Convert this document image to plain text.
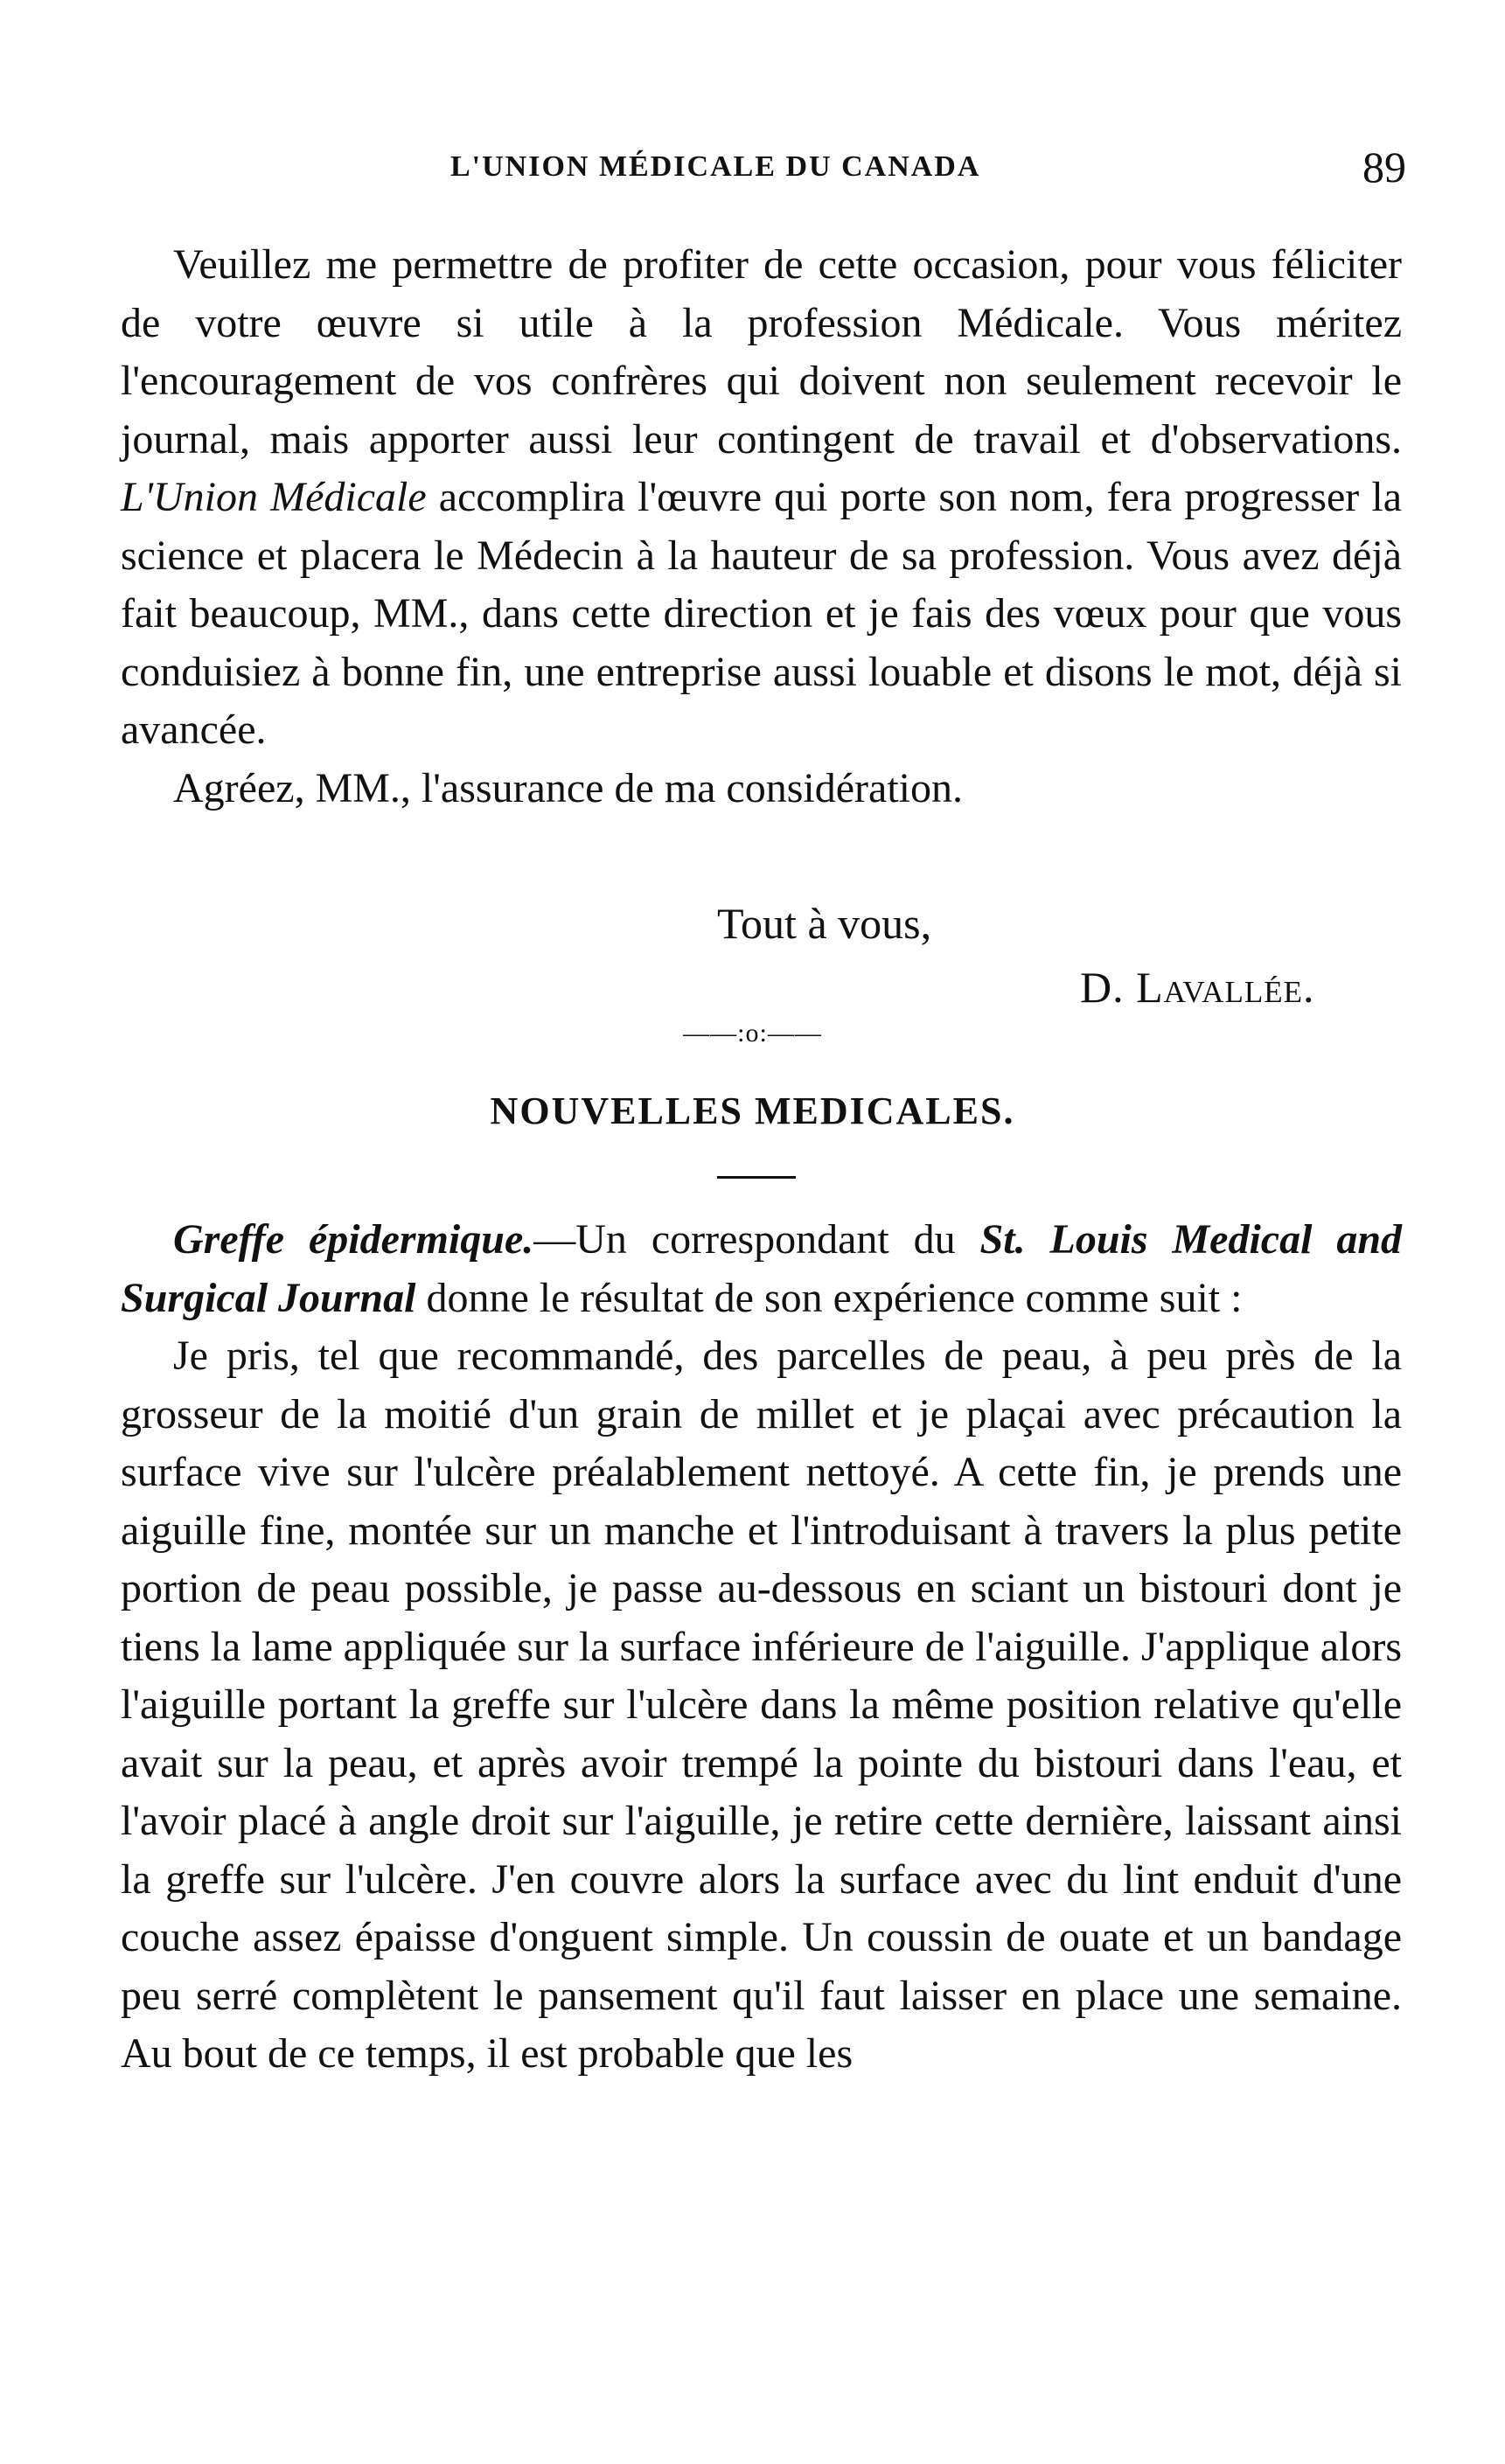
L'UNION MÉDICALE DU CANADA	89

Veuillez me permettre de profiter de cette occasion, pour vous féliciter de votre œuvre si utile à la profession Médicale. Vous méritez l'encouragement de vos confrères qui doivent non seulement recevoir le journal, mais apporter aussi leur contingent de travail et d'observations. L'Union Médicale accomplira l'œuvre qui porte son nom, fera progresser la science et placera le Médecin à la hauteur de sa profession. Vous avez déjà fait beaucoup, MM., dans cette direction et je fais des vœux pour que vous conduisiez à bonne fin, une entreprise aussi louable et disons le mot, déjà si avancée.

Agréez, MM., l'assurance de ma considération.

Tout à vous,
D. Lavallée.
——:o:——
NOUVELLES MEDICALES.

Greffe épidermique.—Un correspondant du St. Louis Medical and Surgical Journal donne le résultat de son expérience comme suit :

Je pris, tel que recommandé, des parcelles de peau, à peu près de la grosseur de la moitié d'un grain de millet et je plaçai avec précaution la surface vive sur l'ulcère préalablement nettoyé. A cette fin, je prends une aiguille fine, montée sur un manche et l'introduisant à travers la plus petite portion de peau possible, je passe au-dessous en sciant un bistouri dont je tiens la lame appliquée sur la surface inférieure de l'aiguille. J'applique alors l'aiguille portant la greffe sur l'ulcère dans la même position relative qu'elle avait sur la peau, et après avoir trempé la pointe du bistouri dans l'eau, et l'avoir placé à angle droit sur l'aiguille, je retire cette dernière, laissant ainsi la greffe sur l'ulcère. J'en couvre alors la surface avec du lint enduit d'une couche assez épaisse d'onguent simple. Un coussin de ouate et un bandage peu serré complètent le pansement qu'il faut laisser en place une semaine. Au bout de ce temps, il est probable que les
